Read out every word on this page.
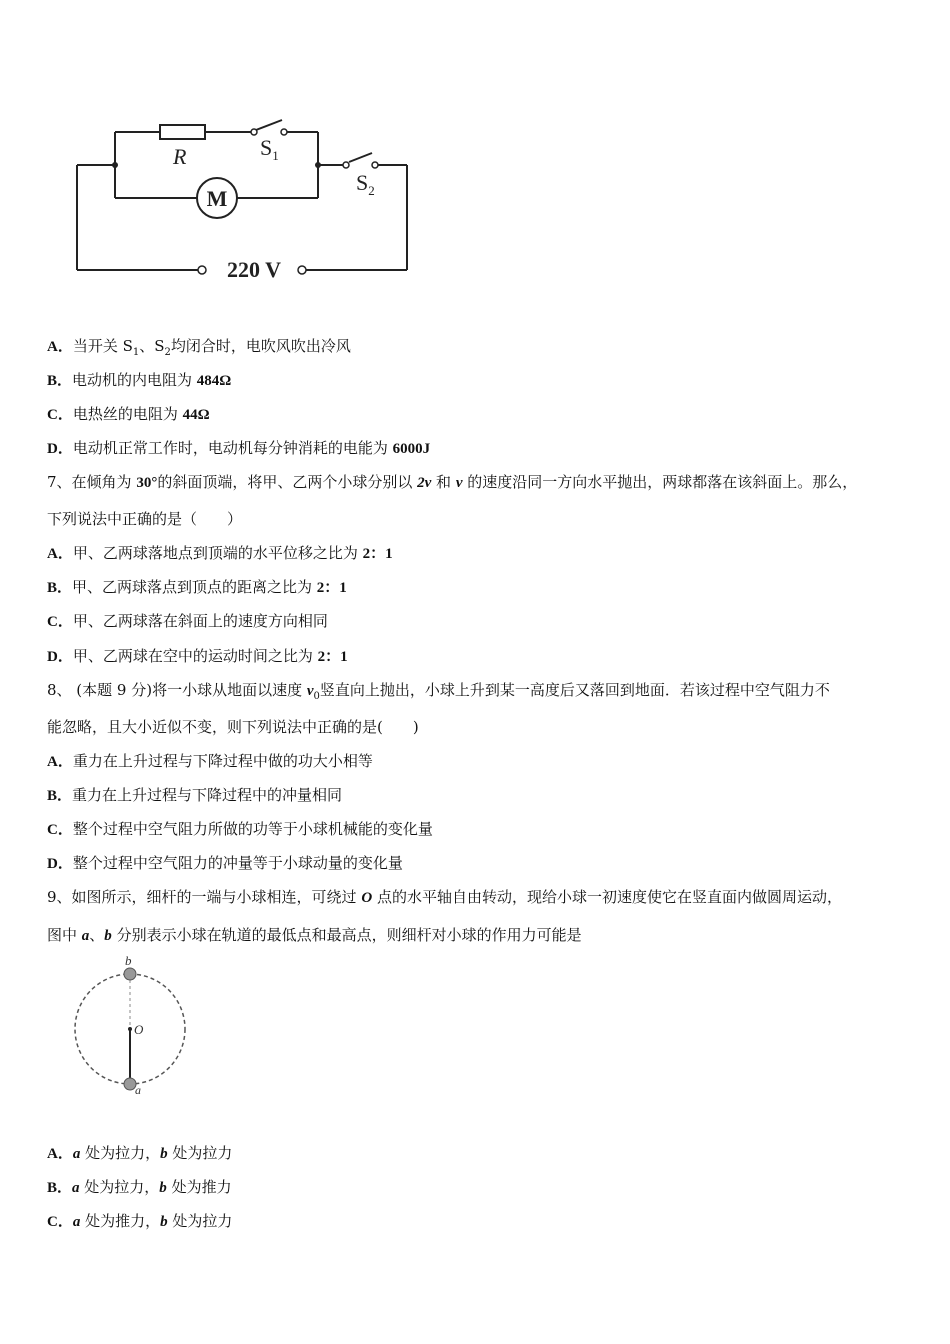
R	$S_1$
$S_2$
M
220 V
A．当开关 $S_1$、$S_2$均闭合时，电吹风吹出冷风
B．电动机的内电阻为 484Ω
C．电热丝的电阻为 44Ω
D．电动机正常工作时，电动机每分钟消耗的电能为 6000J
7、在倾角为 30°的斜面顶端，将甲、乙两个小球分别以 2v 和 v 的速度沿同一方向水平抛出，两球都落在该斜面上。那么，
下列说法中正确的是（　　）
A．甲、乙两球落地点到顶端的水平位移之比为 2：1
B．甲、乙两球落点到顶点的距离之比为 2：1
C．甲、乙两球落在斜面上的速度方向相同
D．甲、乙两球在空中的运动时间之比为 2：1
8、 (本题 9 分)将一小球从地面以速度 $v_0$竖直向上抛出，小球上升到某一高度后又落回到地面．若该过程中空气阻力不
能忽略，且大小近似不变，则下列说法中正确的是(　　)
A．重力在上升过程与下降过程中做的功大小相等
B．重力在上升过程与下降过程中的冲量相同
C．整个过程中空气阻力所做的功等于小球机械能的变化量
D．整个过程中空气阻力的冲量等于小球动量的变化量
9、如图所示，细杆的一端与小球相连，可绕过 O 点的水平轴自由转动，现给小球一初速度使它在竖直面内做圆周运动，
图中 a、b 分别表示小球在轨道的最低点和最高点，则细杆对小球的作用力可能是
b
O
a
A．a 处为拉力，b 处为拉力
B．a 处为拉力，b 处为推力
C．a 处为推力，b 处为拉力
